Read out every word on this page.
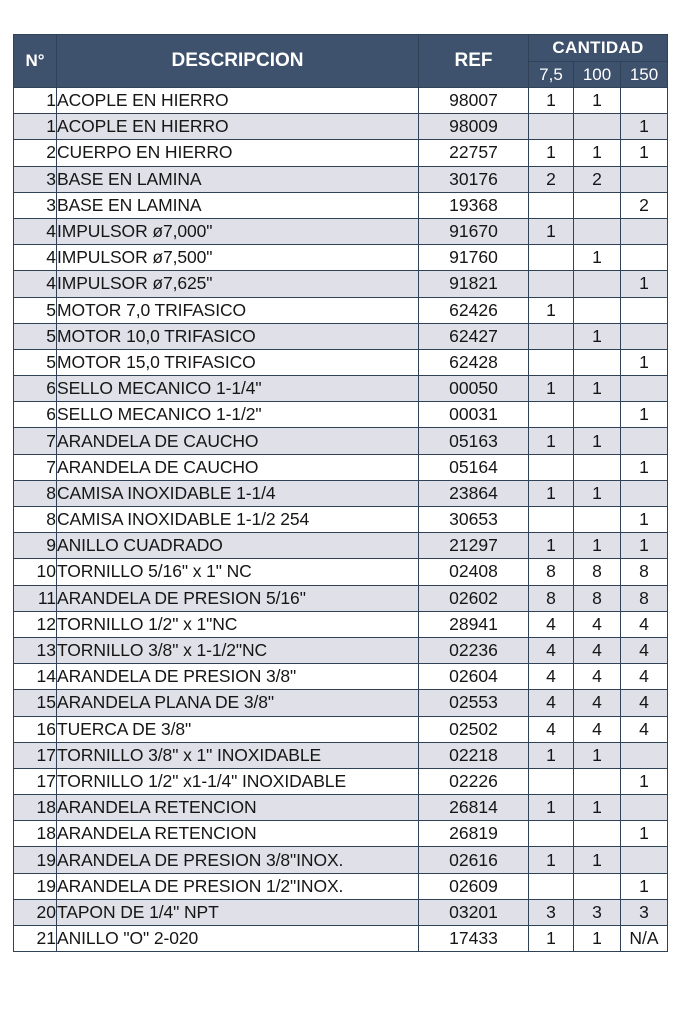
N°	DESCRIPCION	REF	CANTIDAD		
			7,5	100	150
1	ACOPLE EN HIERRO	98007	1	1	
1	ACOPLE EN HIERRO	98009			1
2	CUERPO EN HIERRO	22757	1	1	1
3	BASE EN LAMINA	30176	2	2	
3	BASE EN LAMINA	19368			2
4	IMPULSOR ø7,000"	91670	1		
4	IMPULSOR ø7,500"	91760		1	
4	IMPULSOR ø7,625"	91821			1
5	MOTOR 7,0 TRIFASICO	62426	1		
5	MOTOR 10,0 TRIFASICO	62427		1	
5	MOTOR 15,0 TRIFASICO	62428			1
6	SELLO MECANICO 1-1/4"	00050	1	1	
6	SELLO MECANICO 1-1/2"	00031			1
7	ARANDELA DE CAUCHO	05163	1	1	
7	ARANDELA DE CAUCHO	05164			1
8	CAMISA INOXIDABLE 1-1/4	23864	1	1	
8	CAMISA INOXIDABLE 1-1/2 254	30653			1
9	ANILLO CUADRADO	21297	1	1	1
10	TORNILLO 5/16" x 1" NC	02408	8	8	8
11	ARANDELA DE PRESION 5/16"	02602	8	8	8
12	TORNILLO 1/2" x 1"NC	28941	4	4	4
13	TORNILLO 3/8" x 1-1/2"NC	02236	4	4	4
14	ARANDELA DE PRESION 3/8"	02604	4	4	4
15	ARANDELA PLANA DE 3/8"	02553	4	4	4
16	TUERCA DE 3/8"	02502	4	4	4
17	TORNILLO 3/8" x 1" INOXIDABLE	02218	1	1	
17	TORNILLO 1/2" x1-1/4" INOXIDABLE	02226			1
18	ARANDELA RETENCION	26814	1	1	
18	ARANDELA RETENCION	26819			1
19	ARANDELA DE PRESION 3/8"INOX.	02616	1	1	
19	ARANDELA DE PRESION 1/2"INOX.	02609			1
20	TAPON DE 1/4" NPT	03201	3	3	3
21	ANILLO "O" 2-020	17433	1	1	N/A
